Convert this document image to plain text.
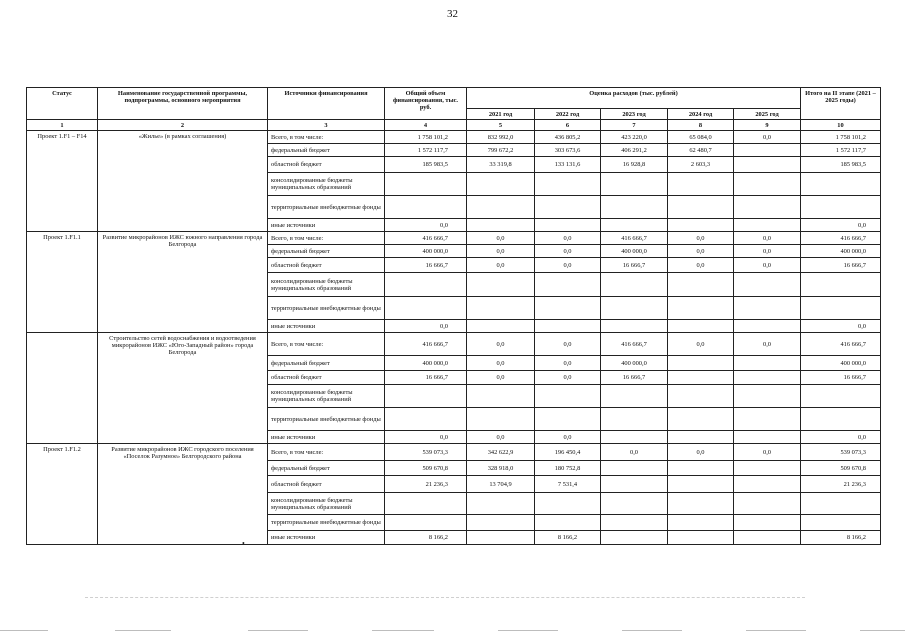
32
Статус	Наименование государственной программы, подпрограммы, основного мероприятия	Источники финансирования	Общий объем финансирования, тыс. руб.	Оценка расходов (тыс. рублей)					Итого на II этапе (2021 – 2025 годы)
				2021 год	2022 год	2023 год	2024 год	2025 год	
1	2	3	4	5	6	7	8	9	10
Проект 1.F1 – F14	«Жилье» (в рамках соглашения)	Всего, в том числе:	1 758 101,2	832 992,0	436 805,2	423 220,0	65 084,0	0,0	1 758 101,2
		федеральный бюджет	1 572 117,7	799 672,2	303 673,6	406 291,2	62 480,7		1 572 117,7
		областной бюджет	185 983,5	33 319,8	133 131,6	16 928,8	2 603,3		185 983,5
		консолидированные бюджеты муниципальных образований							
		территориальные внебюджетные фонды							
		иные источники	0,0						0,0
Проект 1.F1.1	Развитие микрорайонов ИЖС южного направления города Белгорода	Всего, в том числе:	416 666,7	0,0	0,0	416 666,7	0,0	0,0	416 666,7
		федеральный бюджет	400 000,0	0,0	0,0	400 000,0	0,0	0,0	400 000,0
		областной бюджет	16 666,7	0,0	0,0	16 666,7	0,0	0,0	16 666,7
		консолидированные бюджеты муниципальных образований							
		территориальные внебюджетные фонды							
		иные источники	0,0						0,0
	Строительство сетей водоснабжения и водоотведения микрорайонов ИЖС «Юго-Западный район» города Белгорода	Всего, в том числе:	416 666,7	0,0	0,0	416 666,7	0,0	0,0	416 666,7
		федеральный бюджет	400 000,0	0,0	0,0	400 000,0			400 000,0
		областной бюджет	16 666,7	0,0	0,0	16 666,7			16 666,7
		консолидированные бюджеты муниципальных образований							
		территориальные внебюджетные фонды							
		иные источники	0,0	0,0	0,0				0,0
Проект 1.F1.2	Развитие микрорайонов ИЖС городского поселения «Поселок Разумное» Белгородского района	Всего, в том числе:	539 073,3	342 622,9	196 450,4	0,0	0,0	0,0	539 073,3
		федеральный бюджет	509 670,8	328 918,0	180 752,8				509 670,8
		областной бюджет	21 236,3	13 704,9	7 531,4				21 236,3
		консолидированные бюджеты муниципальных образований							
		территориальные внебюджетные фонды							
		иные источники	8 166,2		8 166,2				8 166,2
•
